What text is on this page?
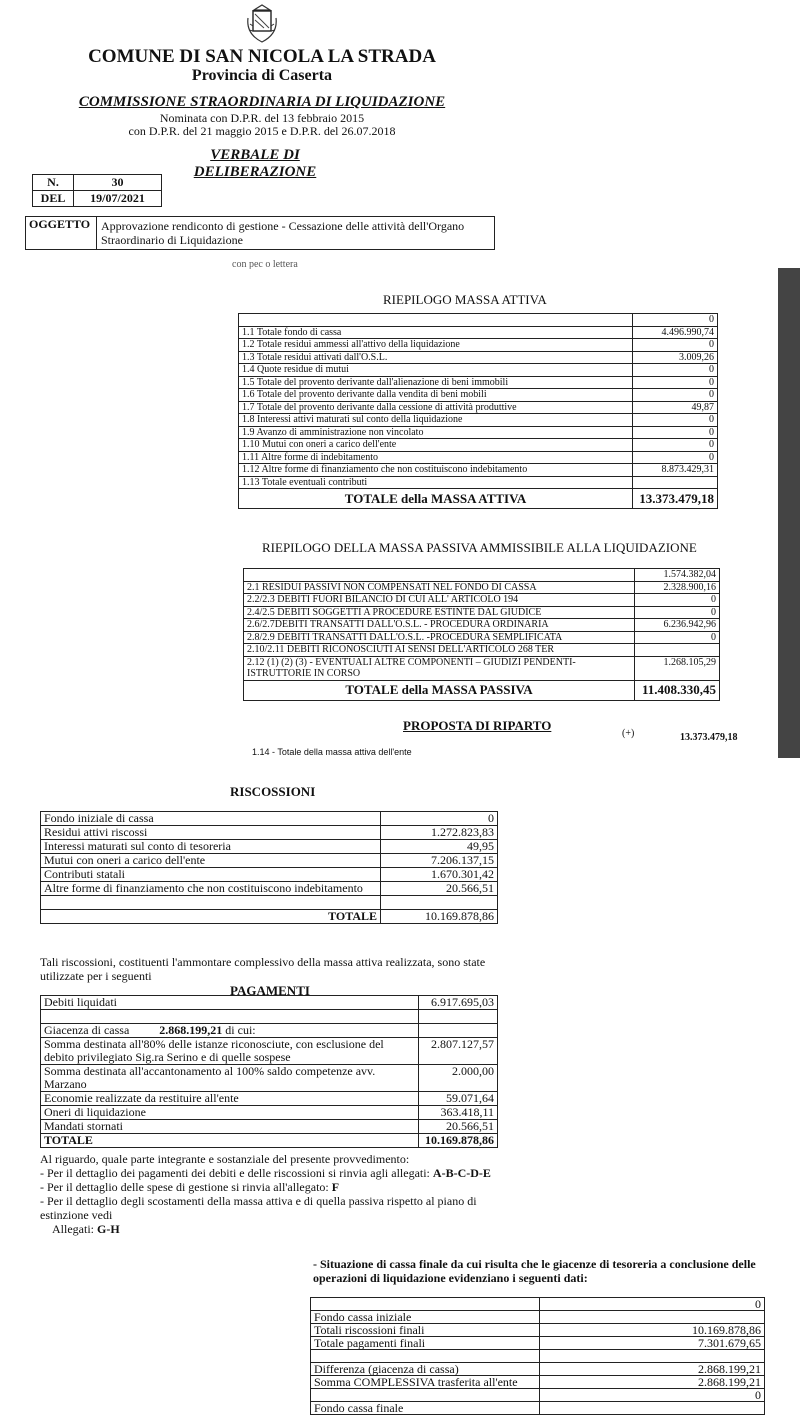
COMUNE DI SAN NICOLA LA STRADA
Provincia di Caserta
COMMISSIONE STRAORDINARIA DI LIQUIDAZIONE
Nominata con D.P.R. del 13 febbraio 2015
con D.P.R. del 21 maggio 2015 e D.P.R. del 26.07.2018
VERBALE DI DELIBERAZIONE
N.	30
DEL	19/07/2021
OGGETTO	Approvazione rendiconto di gestione - Cessazione delle attività dell'Organo Straordinario di Liquidazione
con pec o lettera
RIEPILOGO MASSA ATTIVA
	0
1.1 Totale fondo di cassa	4.496.990,74
1.2 Totale residui ammessi all'attivo della liquidazione	0
1.3 Totale residui attivati dall'O.S.L.	3.009,26
1.4 Quote residue di mutui	0
1.5 Totale del provento derivante dall'alienazione di beni immobili	0
1.6 Totale del provento derivante dalla vendita di beni mobili	0
1.7 Totale del provento derivante dalla cessione di attività produttive	49,87
1.8 Interessi attivi maturati sul conto della liquidazione	0
1.9 Avanzo di amministrazione non vincolato	0
1.10 Mutui con oneri a carico dell'ente	0
1.11 Altre forme di indebitamento	0
1.12 Altre forme di finanziamento che non costituiscono indebitamento	8.873.429,31
1.13 Totale eventuali contributi	
TOTALE della MASSA ATTIVA	13.373.479,18
RIEPILOGO DELLA MASSA PASSIVA AMMISSIBILE ALLA LIQUIDAZIONE
	1.574.382,04
2.1 RESIDUI PASSIVI NON COMPENSATI NEL FONDO DI CASSA	2.328.900,16
2.2/2.3 DEBITI FUORI BILANCIO DI CUI ALL' ARTICOLO 194	0
2.4/2.5 DEBITI SOGGETTI A PROCEDURE ESTINTE DAL GIUDICE	0
2.6/2.7DEBITI TRANSATTI DALL'O.S.L. - PROCEDURA ORDINARIA	6.236.942,96
2.8/2.9 DEBITI TRANSATTI DALL'O.S.L. -PROCEDURA SEMPLIFICATA	0
2.10/2.11 DEBITI RICONOSCIUTI AI SENSI DELL'ARTICOLO 268 TER	
2.12 (1) (2) (3) - EVENTUALI ALTRE COMPONENTI – GIUDIZI PENDENTI-ISTRUTTORIE IN CORSO	1.268.105,29
TOTALE della MASSA PASSIVA	11.408.330,45
PROPOSTA DI RIPARTO
(+)	13.373.479,18
1.14 - Totale della massa attiva dell'ente
RISCOSSIONI
Fondo iniziale di cassa	0
Residui attivi riscossi	1.272.823,83
Interessi maturati sul conto di tesoreria	49,95
Mutui con oneri a carico dell'ente	7.206.137,15
Contributi statali	1.670.301,42
Altre forme di finanziamento che non costituiscono indebitamento	20.566,51

TOTALE	10.169.878,86
Tali riscossioni, costituenti l'ammontare complessivo della massa attiva realizzata, sono state utilizzate per i seguenti
PAGAMENTI
Debiti liquidati	6.917.695,03

Giacenza di cassa 2.868.199,21 di cui:	
Somma destinata all'80% delle istanze riconosciute, con esclusione del debito privilegiato Sig.ra Serino e di quelle sospese	2.807.127,57
Somma destinata all'accantonamento al 100% saldo competenze avv. Marzano	2.000,00
Economie realizzate da restituire all'ente	59.071,64
Oneri di liquidazione	363.418,11
Mandati stornati	20.566,51
TOTALE	10.169.878,86
Al riguardo, quale parte integrante e sostanziale del presente provvedimento:
- Per il dettaglio dei pagamenti dei debiti e delle riscossioni si rinvia agli allegati: A-B-C-D-E
- Per il dettaglio delle spese di gestione si rinvia all'allegato: F
- Per il dettaglio degli scostamenti della massa attiva e di quella passiva rispetto al piano di estinzione vedi
Allegati: G-H
- Situazione di cassa finale da cui risulta che le giacenze di tesoreria a conclusione delle operazioni di liquidazione evidenziano i seguenti dati:
	0
Fondo cassa iniziale	
Totali riscossioni finali	10.169.878,86
Totale pagamenti finali	7.301.679,65

Differenza (giacenza di cassa)	2.868.199,21
Somma COMPLESSIVA trasferita all'ente	2.868.199,21
	0
Fondo cassa finale	
